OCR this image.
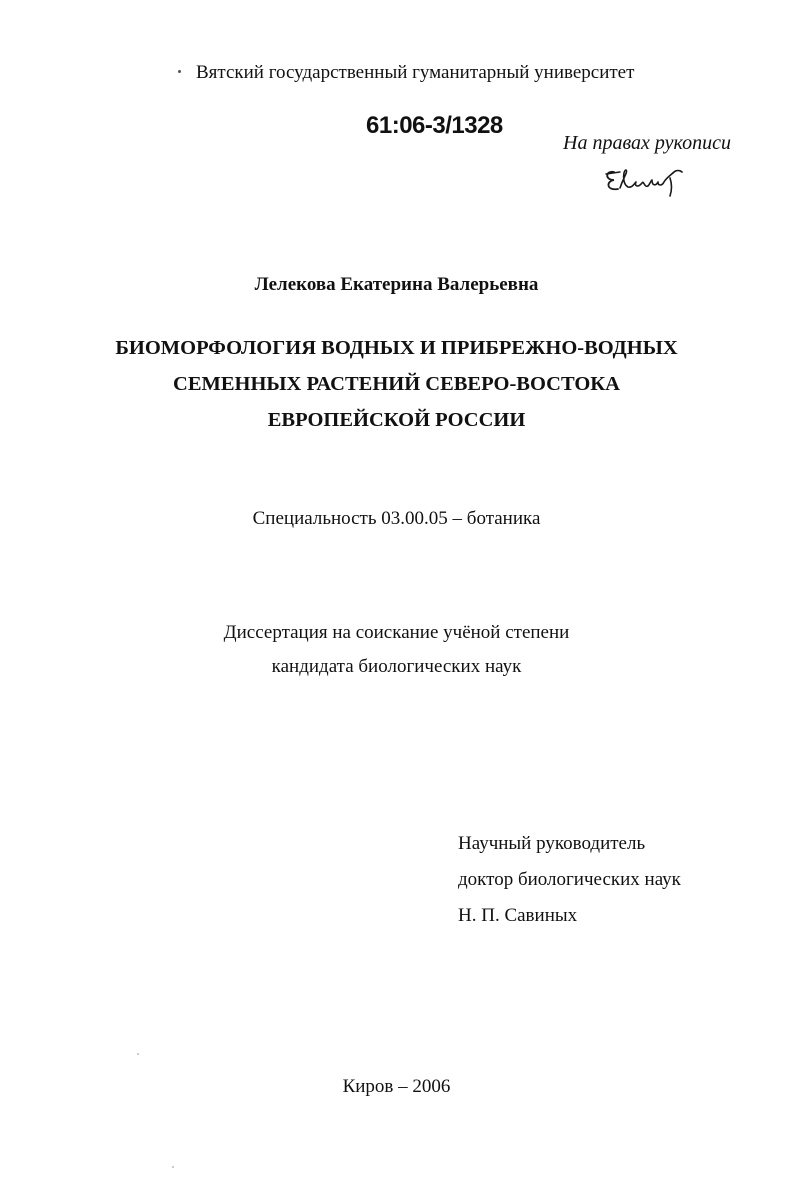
Вятский государственный гуманитарный университет
61:06-3/1328
На правах рукописи
Лелекова Екатерина Валерьевна
БИОМОРФОЛОГИЯ ВОДНЫХ И ПРИБРЕЖНО-ВОДНЫХ
СЕМЕННЫХ РАСТЕНИЙ СЕВЕРО-ВОСТОКА
ЕВРОПЕЙСКОЙ РОССИИ
Специальность 03.00.05 – ботаника
Диссертация на соискание учёной степени
кандидата биологических наук
Научный руководитель
доктор биологических наук
Н. П. Савиных
Киров – 2006
